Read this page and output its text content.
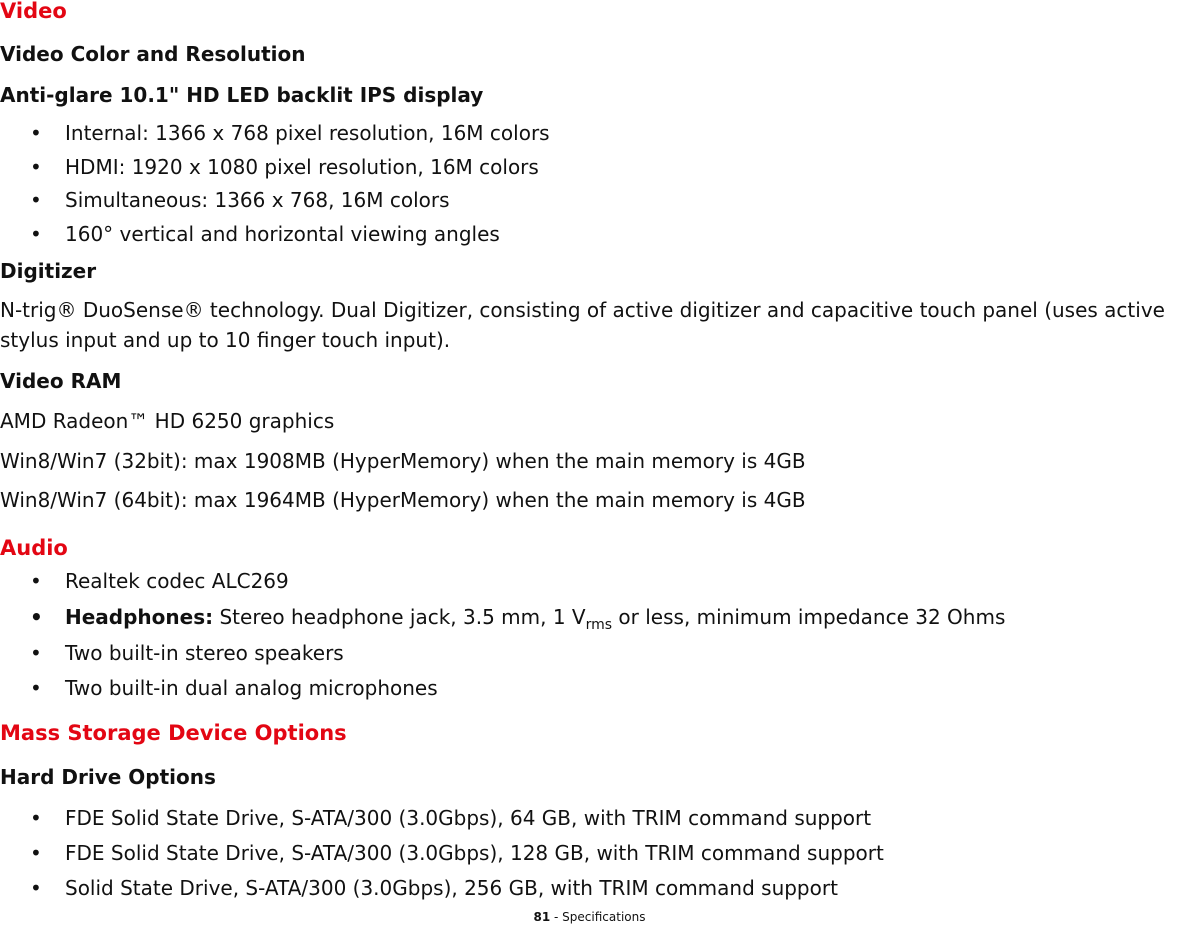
Video
Video Color and Resolution
Anti-glare 10.1" HD LED backlit IPS display
• Internal: 1366 x 768 pixel resolution, 16M colors
• HDMI: 1920 x 1080 pixel resolution, 16M colors
• Simultaneous: 1366 x 768, 16M colors
• 160° vertical and horizontal viewing angles
Digitizer
N-trig® DuoSense® technology. Dual Digitizer, consisting of active digitizer and capacitive touch panel (uses active stylus input and up to 10 finger touch input).
Video RAM
AMD Radeon™ HD 6250 graphics
Win8/Win7 (32bit): max 1908MB (HyperMemory) when the main memory is 4GB
Win8/Win7 (64bit): max 1964MB (HyperMemory) when the main memory is 4GB
Audio
• Realtek codec ALC269
• Headphones: Stereo headphone jack, 3.5 mm, 1 $V_{rms}$ or less, minimum impedance 32 Ohms
• Two built-in stereo speakers
• Two built-in dual analog microphones
Mass Storage Device Options
Hard Drive Options
• FDE Solid State Drive, S-ATA/300 (3.0Gbps), 64 GB, with TRIM command support
• FDE Solid State Drive, S-ATA/300 (3.0Gbps), 128 GB, with TRIM command support
• Solid State Drive, S-ATA/300 (3.0Gbps), 256 GB, with TRIM command support
81 - Specifications
